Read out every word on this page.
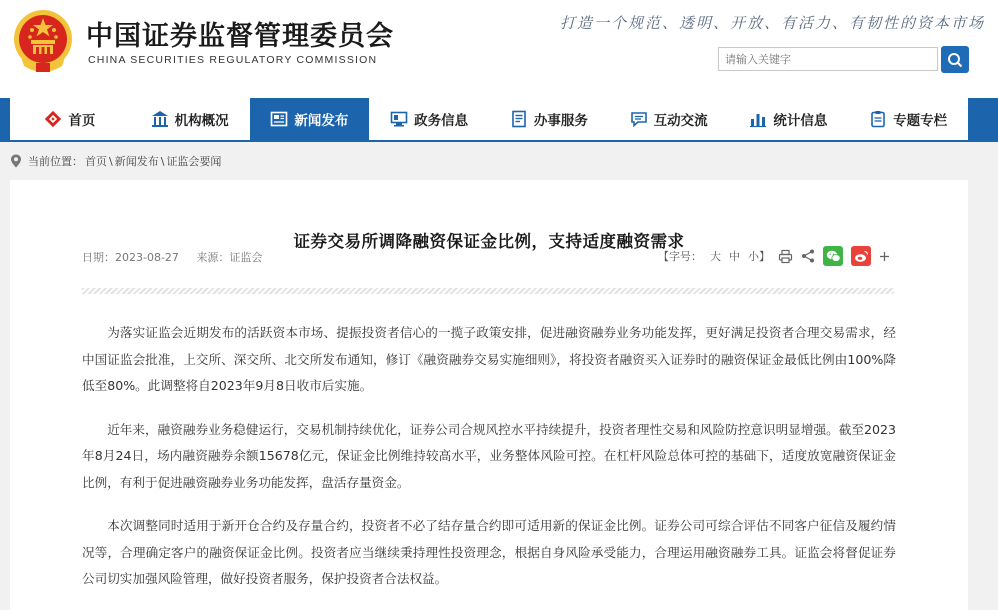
中国证券监督管理委员会
CHINA SECURITIES REGULATORY COMMISSION
打造一个规范、透明、开放、有活力、有韧性的资本市场
请输入关键字
首页	机构概况	新闻发布	政务信息	办事服务	互动交流	统计信息	专题专栏
当前位置： 首页 \ 新闻发布 \ 证监会要闻
证券交易所调降融资保证金比例，支持适度融资需求
日期：2023-08-27 来源：证监会	【字号： 大 中 小】

为落实证监会近期发布的活跃资本市场、提振投资者信心的一揽子政策安排，促进融资融券业务功能发挥，更好满足投资者合理交易需求，经中国证监会批准，上交所、深交所、北交所发布通知，修订《融资融券交易实施细则》，将投资者融资买入证券时的融资保证金最低比例由100%降低至80%。此调整将自2023年9月8日收市后实施。

近年来，融资融券业务稳健运行，交易机制持续优化，证券公司合规风控水平持续提升，投资者理性交易和风险防控意识明显增强。截至2023年8月24日，场内融资融券余额15678亿元，保证金比例维持较高水平，业务整体风险可控。在杠杆风险总体可控的基础下，适度放宽融资保证金比例，有利于促进融资融券业务功能发挥，盘活存量资金。

本次调整同时适用于新开仓合约及存量合约，投资者不必了结存量合约即可适用新的保证金比例。证券公司可综合评估不同客户征信及履约情况等，合理确定客户的融资保证金比例。投资者应当继续秉持理性投资理念，根据自身风险承受能力，合理运用融资融券工具。证监会将督促证券公司切实加强风险管理，做好投资者服务，保护投资者合法权益。
